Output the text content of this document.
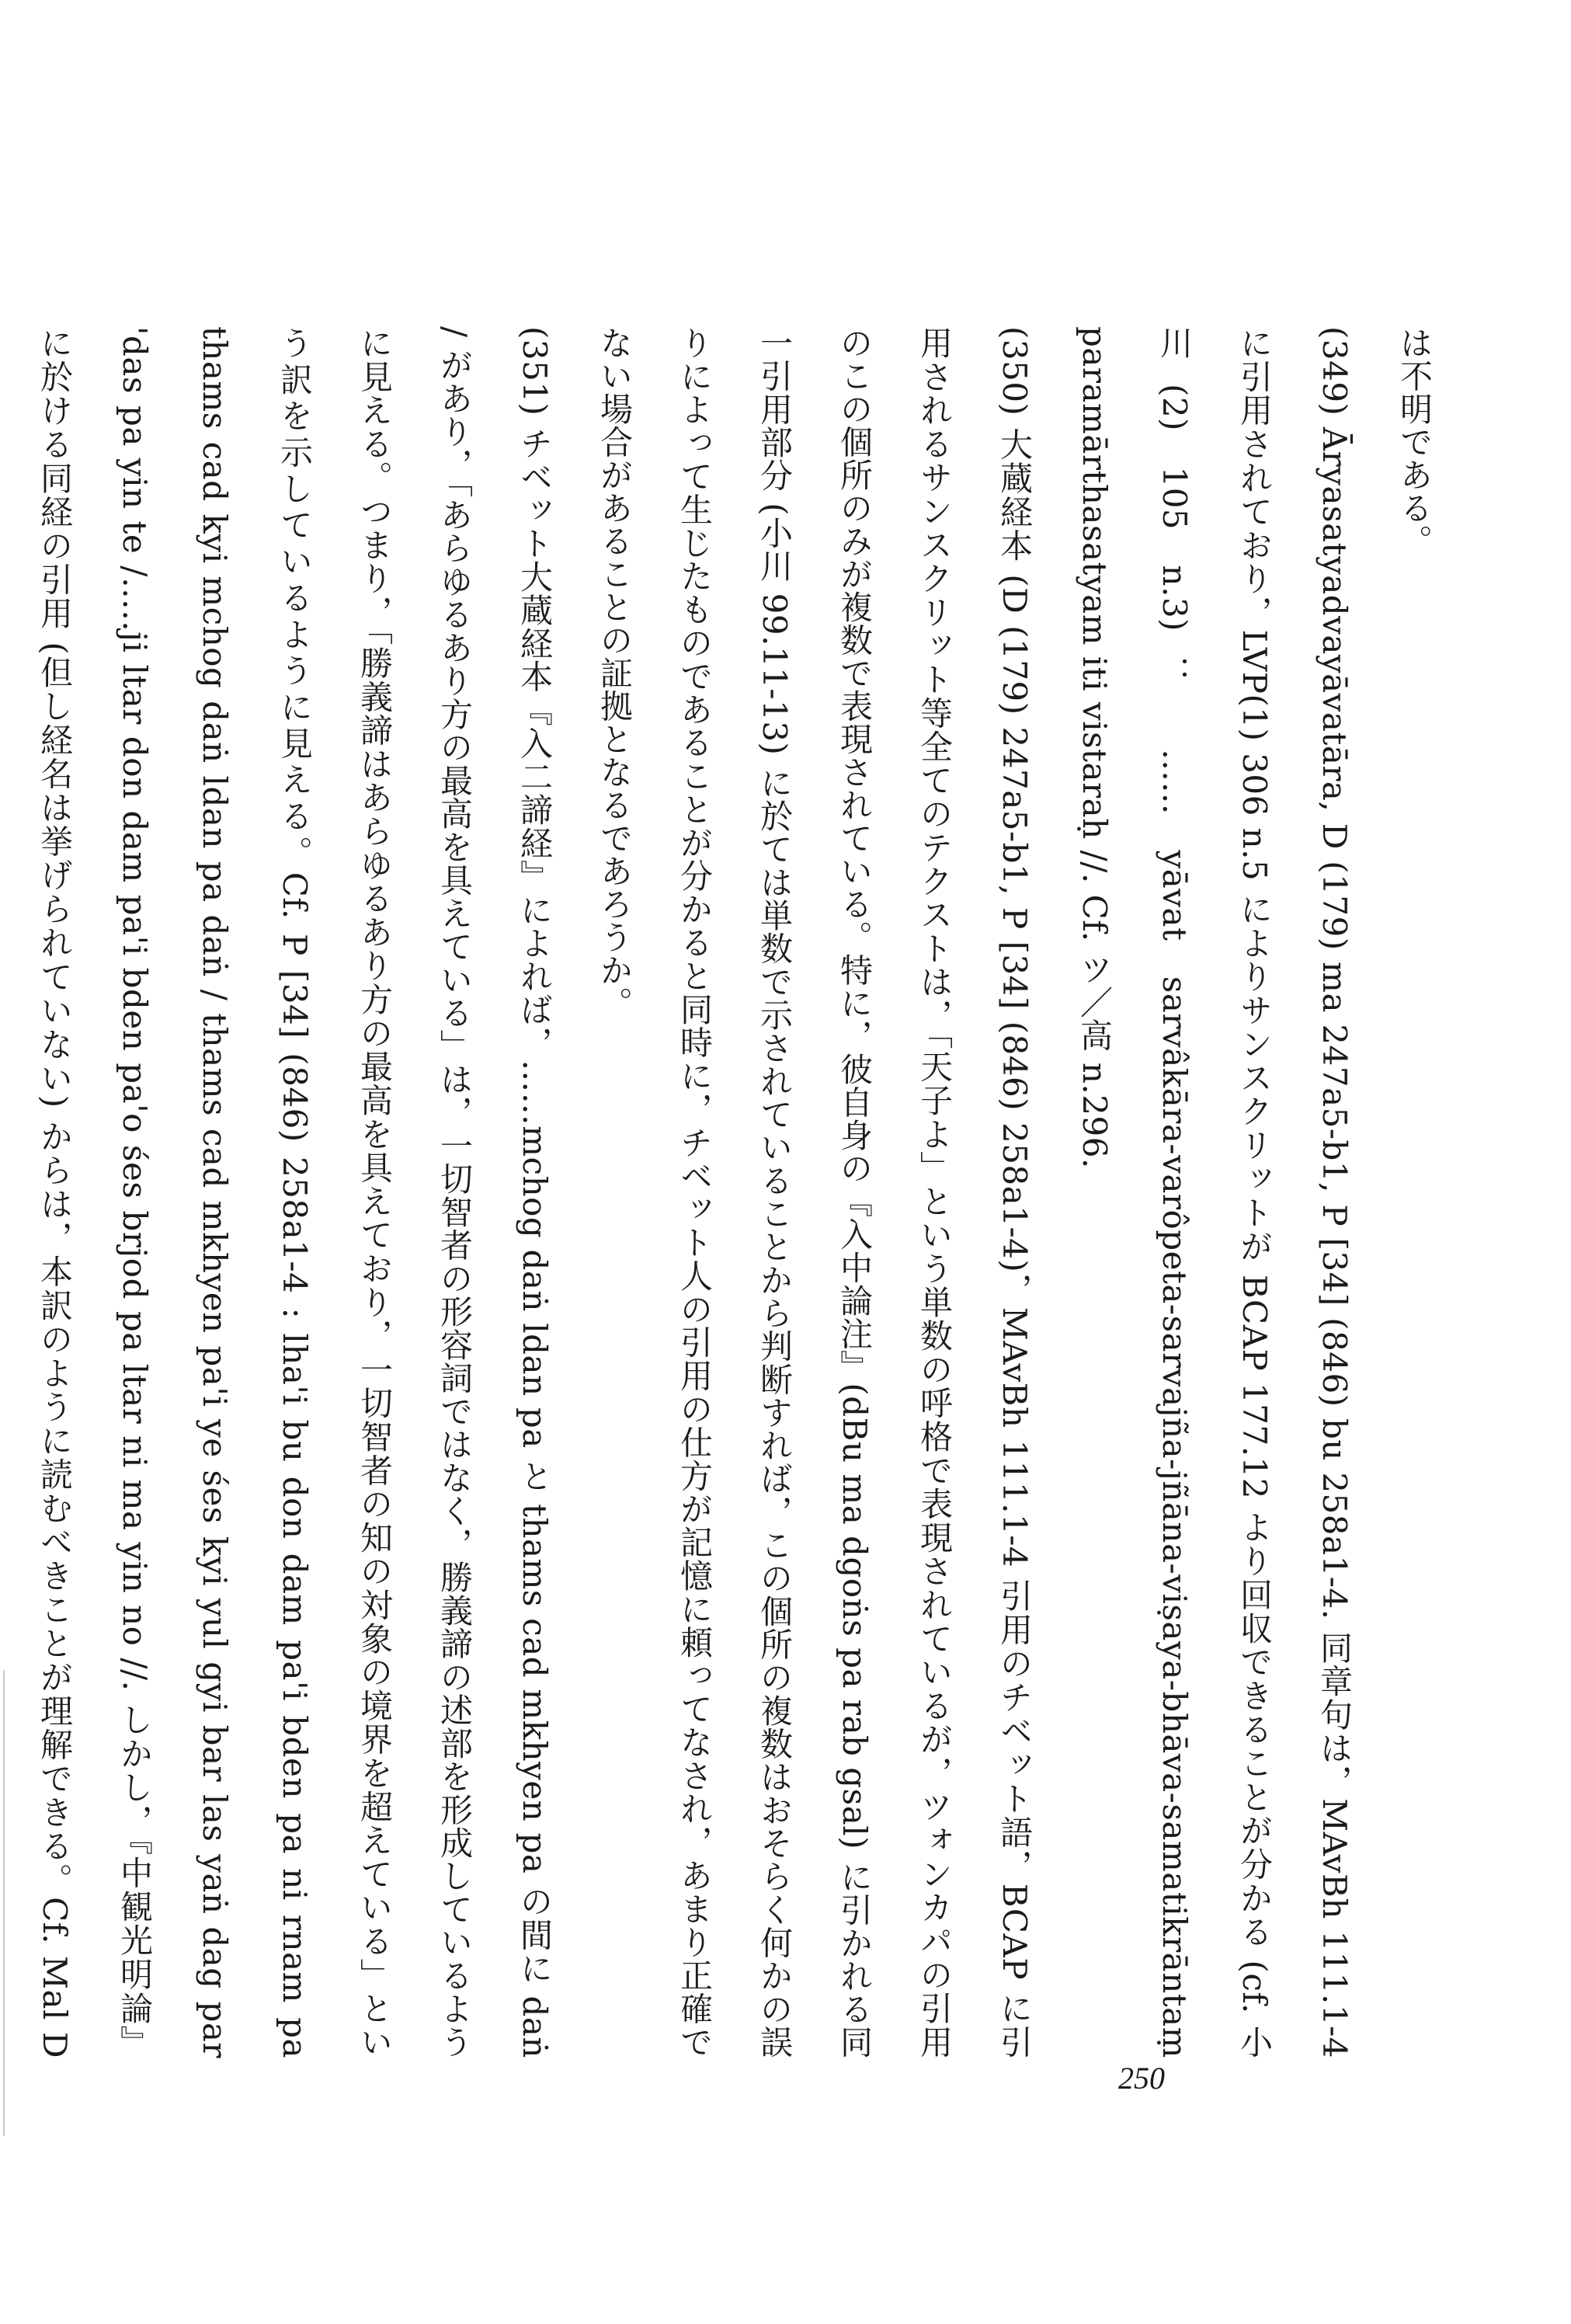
は不明である。

(349) Āryasatyadvayāvatāra, D (179) ma 247a5-b1, P [34] (846) bu 258a1-4. 同章句は，MAvBh 111.1-4 に引用されており，LVP(1) 306 n.5 によりサンスクリットが BCAP 177.12 より回収できることが分かる (cf. 小川(2) 105 n.3)： …… yāvat sarvâkāra-varôpeta-sarvajña-jñāna-viṣaya-bhāva-samatikrāntaṃ paramārthasatyam iti vistaraḥ //. Cf. ツ／高 n.296.

(350) 大蔵経本 (D (179) 247a5-b1, P [34] (846) 258a1-4)，MAvBh 111.1-4 引用のチベット語，BCAP に引用されるサンスクリット等全てのテクストは，「天子よ」という単数の呼格で表現されているが，ツォンカパの引用のこの個所のみが複数で表現されている。特に，彼自身の『入中論注』(dBu ma dgoṅs pa rab gsal) に引かれる同一引用部分 (小川 99.11-13) に於ては単数で示されていることから判断すれば，この個所の複数はおそらく何かの誤りによって生じたものであることが分かると同時に，チベット人の引用の仕方が記憶に頼ってなされ，あまり正確でない場合があることの証拠となるであろうか。

(351) チベット大蔵経本『入二諦経』によれば，……mchog daṅ ldan pa と thams cad mkhyen pa の間に daṅ / があり，「あらゆるあり方の最高を具えている」は，一切智者の形容詞ではなく，勝義諦の述部を形成しているように見える。つまり，「勝義諦はあらゆるあり方の最高を具えており，一切智者の知の対象の境界を超えている」という訳を示しているように見える。Cf. P [34] (846) 258a1-4 : lha'i bu don dam pa'i bden pa ni rnam pa thams cad kyi mchog daṅ ldan pa daṅ / thams cad mkhyen pa'i ye śes kyi yul gyi bar las yaṅ dag par 'das pa yin te /…..ji ltar don dam pa'i bden pa'o śes brjod pa ltar ni ma yin no //. しかし，『中観光明論』に於ける同経の引用 (但し経名は挙げられていない) からは，本訳のように読むべきことが理解できる。Cf. Mal D

250
